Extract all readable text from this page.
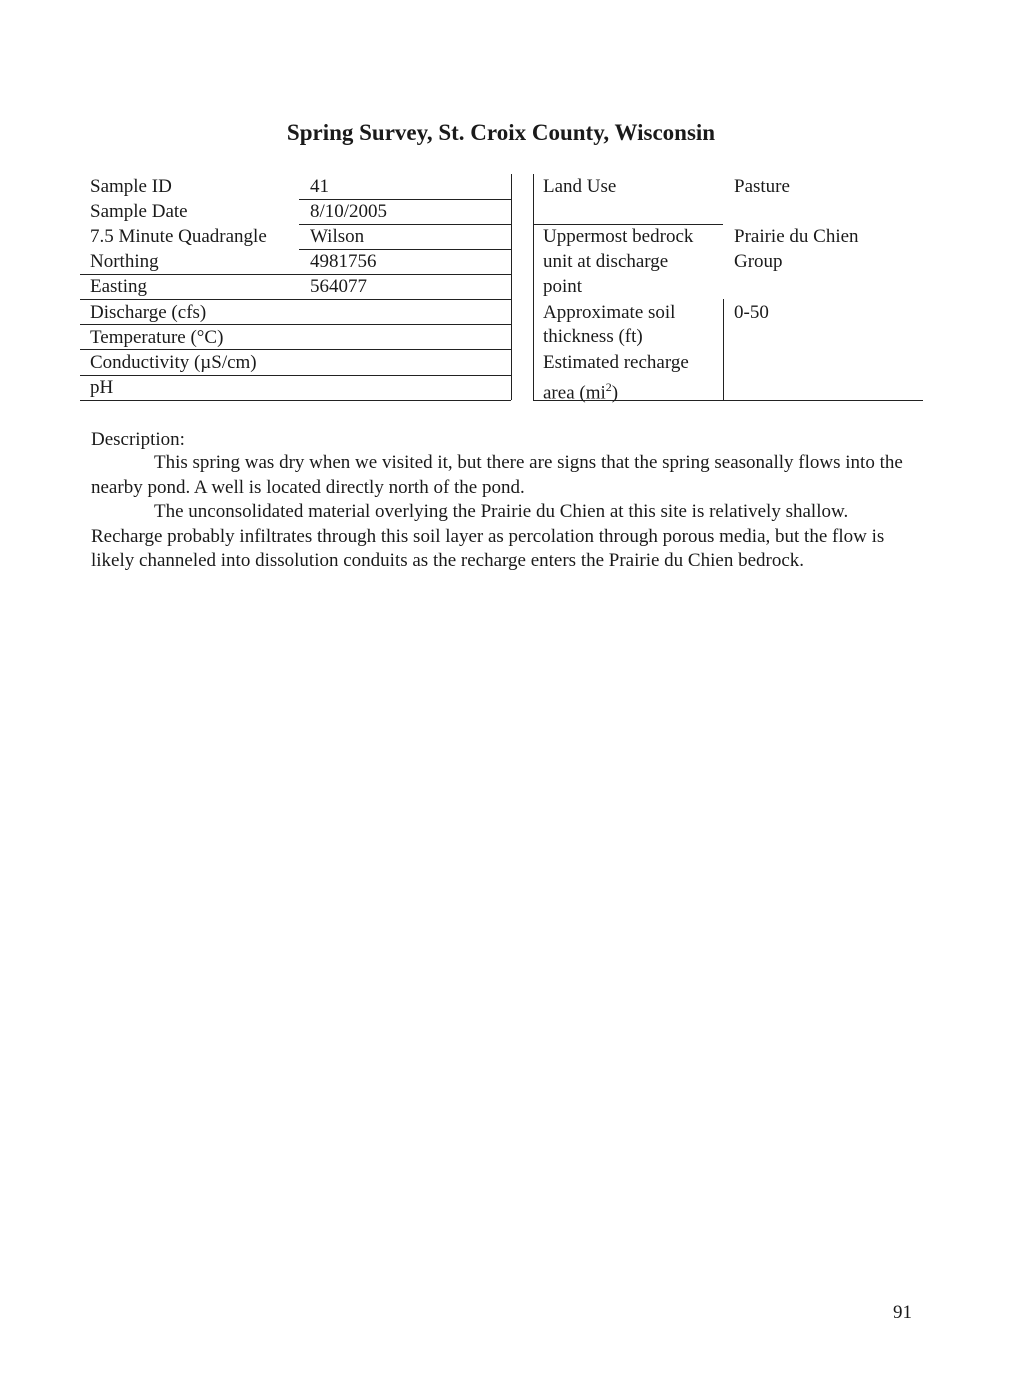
Spring Survey, St. Croix County, Wisconsin
Sample ID
Sample Date
7.5 Minute Quadrangle
Northing
Easting
Discharge (cfs)
Temperature (°C)
Conductivity (µS/cm)
pH
41
8/10/2005
Wilson
4981756
564077
Land Use	Pasture
Uppermost bedrock
unit at discharge
point
Prairie du Chien
Group
Approximate soil
thickness (ft)
0-50
Estimated recharge
area $(mi^2)$
Description:

This spring was dry when we visited it, but there are signs that the spring seasonally flows into the nearby pond. A well is located directly north of the pond.

The unconsolidated material overlying the Prairie du Chien at this site is relatively shallow. Recharge probably infiltrates through this soil layer as percolation through porous media, but the flow is likely channeled into dissolution conduits as the recharge enters the Prairie du Chien bedrock.

91
